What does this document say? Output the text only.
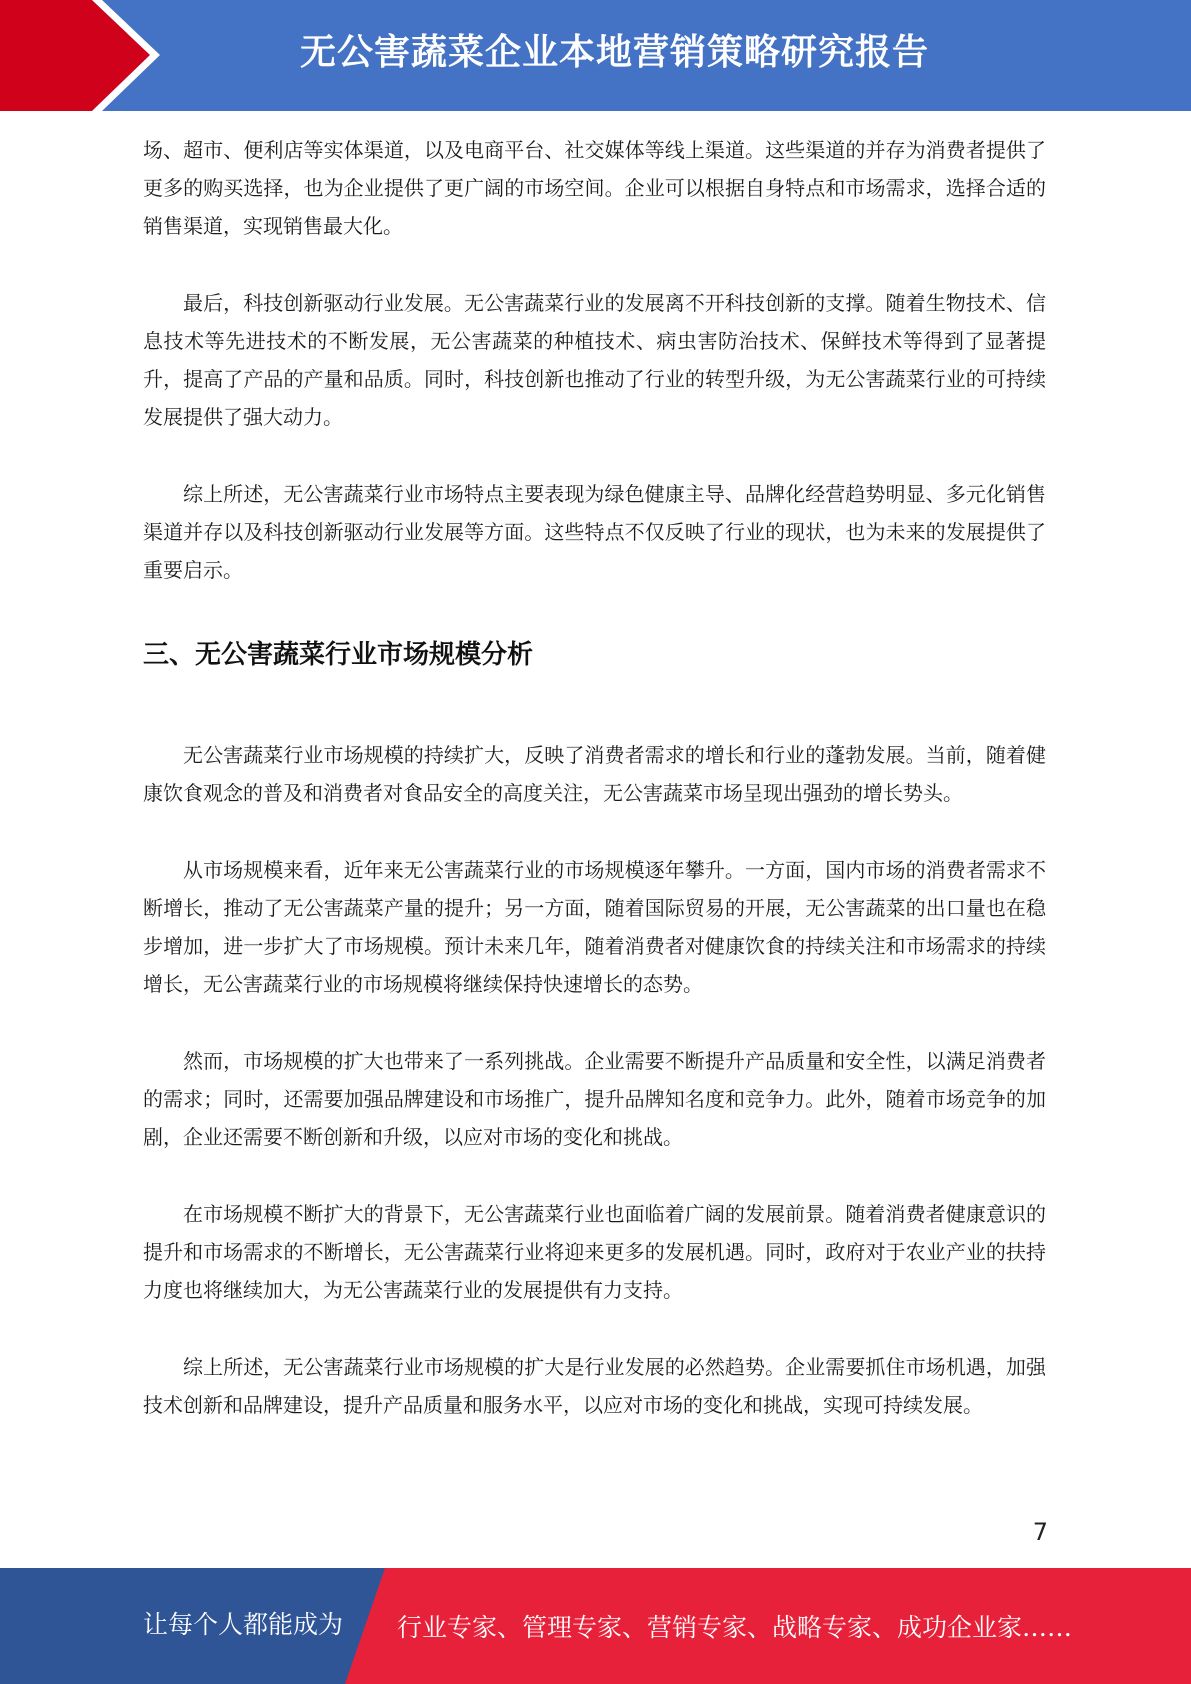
无公害蔬菜企业本地营销策略研究报告

场、超市、便利店等实体渠道，以及电商平台、社交媒体等线上渠道。这些渠道的并存为消费者提供了更多的购买选择，也为企业提供了更广阔的市场空间。企业可以根据自身特点和市场需求，选择合适的销售渠道，实现销售最大化。

最后，科技创新驱动行业发展。无公害蔬菜行业的发展离不开科技创新的支撑。随着生物技术、信息技术等先进技术的不断发展，无公害蔬菜的种植技术、病虫害防治技术、保鲜技术等得到了显著提升，提高了产品的产量和品质。同时，科技创新也推动了行业的转型升级，为无公害蔬菜行业的可持续发展提供了强大动力。

综上所述，无公害蔬菜行业市场特点主要表现为绿色健康主导、品牌化经营趋势明显、多元化销售渠道并存以及科技创新驱动行业发展等方面。这些特点不仅反映了行业的现状，也为未来的发展提供了重要启示。

三、无公害蔬菜行业市场规模分析

无公害蔬菜行业市场规模的持续扩大，反映了消费者需求的增长和行业的蓬勃发展。当前，随着健康饮食观念的普及和消费者对食品安全的高度关注，无公害蔬菜市场呈现出强劲的增长势头。

从市场规模来看，近年来无公害蔬菜行业的市场规模逐年攀升。一方面，国内市场的消费者需求不断增长，推动了无公害蔬菜产量的提升；另一方面，随着国际贸易的开展，无公害蔬菜的出口量也在稳步增加，进一步扩大了市场规模。预计未来几年，随着消费者对健康饮食的持续关注和市场需求的持续增长，无公害蔬菜行业的市场规模将继续保持快速增长的态势。

然而，市场规模的扩大也带来了一系列挑战。企业需要不断提升产品质量和安全性，以满足消费者的需求；同时，还需要加强品牌建设和市场推广，提升品牌知名度和竞争力。此外，随着市场竞争的加剧，企业还需要不断创新和升级，以应对市场的变化和挑战。

在市场规模不断扩大的背景下，无公害蔬菜行业也面临着广阔的发展前景。随着消费者健康意识的提升和市场需求的不断增长，无公害蔬菜行业将迎来更多的发展机遇。同时，政府对于农业产业的扶持力度也将继续加大，为无公害蔬菜行业的发展提供有力支持。

综上所述，无公害蔬菜行业市场规模的扩大是行业发展的必然趋势。企业需要抓住市场机遇，加强技术创新和品牌建设，提升产品质量和服务水平，以应对市场的变化和挑战，实现可持续发展。

7
让每个人都能成为 行业专家、管理专家、营销专家、战略专家、成功企业家……
